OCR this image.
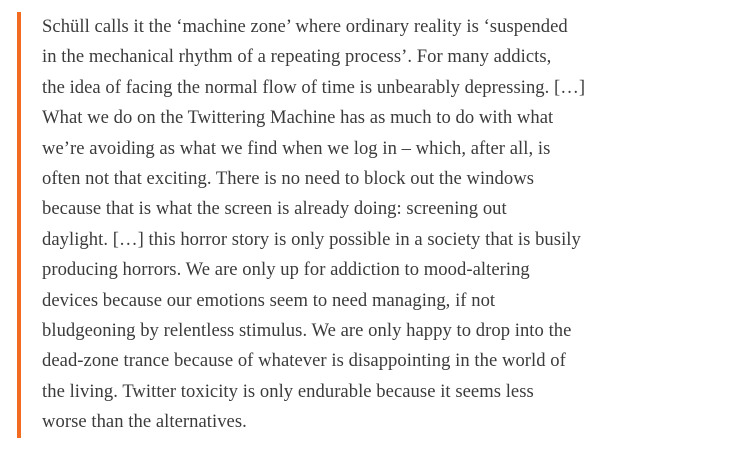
Schüll calls it the ‘machine zone’ where ordinary reality is ‘suspended
in the mechanical rhythm of a repeating process’. For many addicts,
the idea of facing the normal flow of time is unbearably depressing. […]
What we do on the Twittering Machine has as much to do with what
we’re avoiding as what we find when we log in – which, after all, is
often not that exciting. There is no need to block out the windows
because that is what the screen is already doing: screening out
daylight. […] this horror story is only possible in a society that is busily
producing horrors. We are only up for addiction to mood-altering
devices because our emotions seem to need managing, if not
bludgeoning by relentless stimulus. We are only happy to drop into the
dead-zone trance because of whatever is disappointing in the world of
the living. Twitter toxicity is only endurable because it seems less
worse than the alternatives.
